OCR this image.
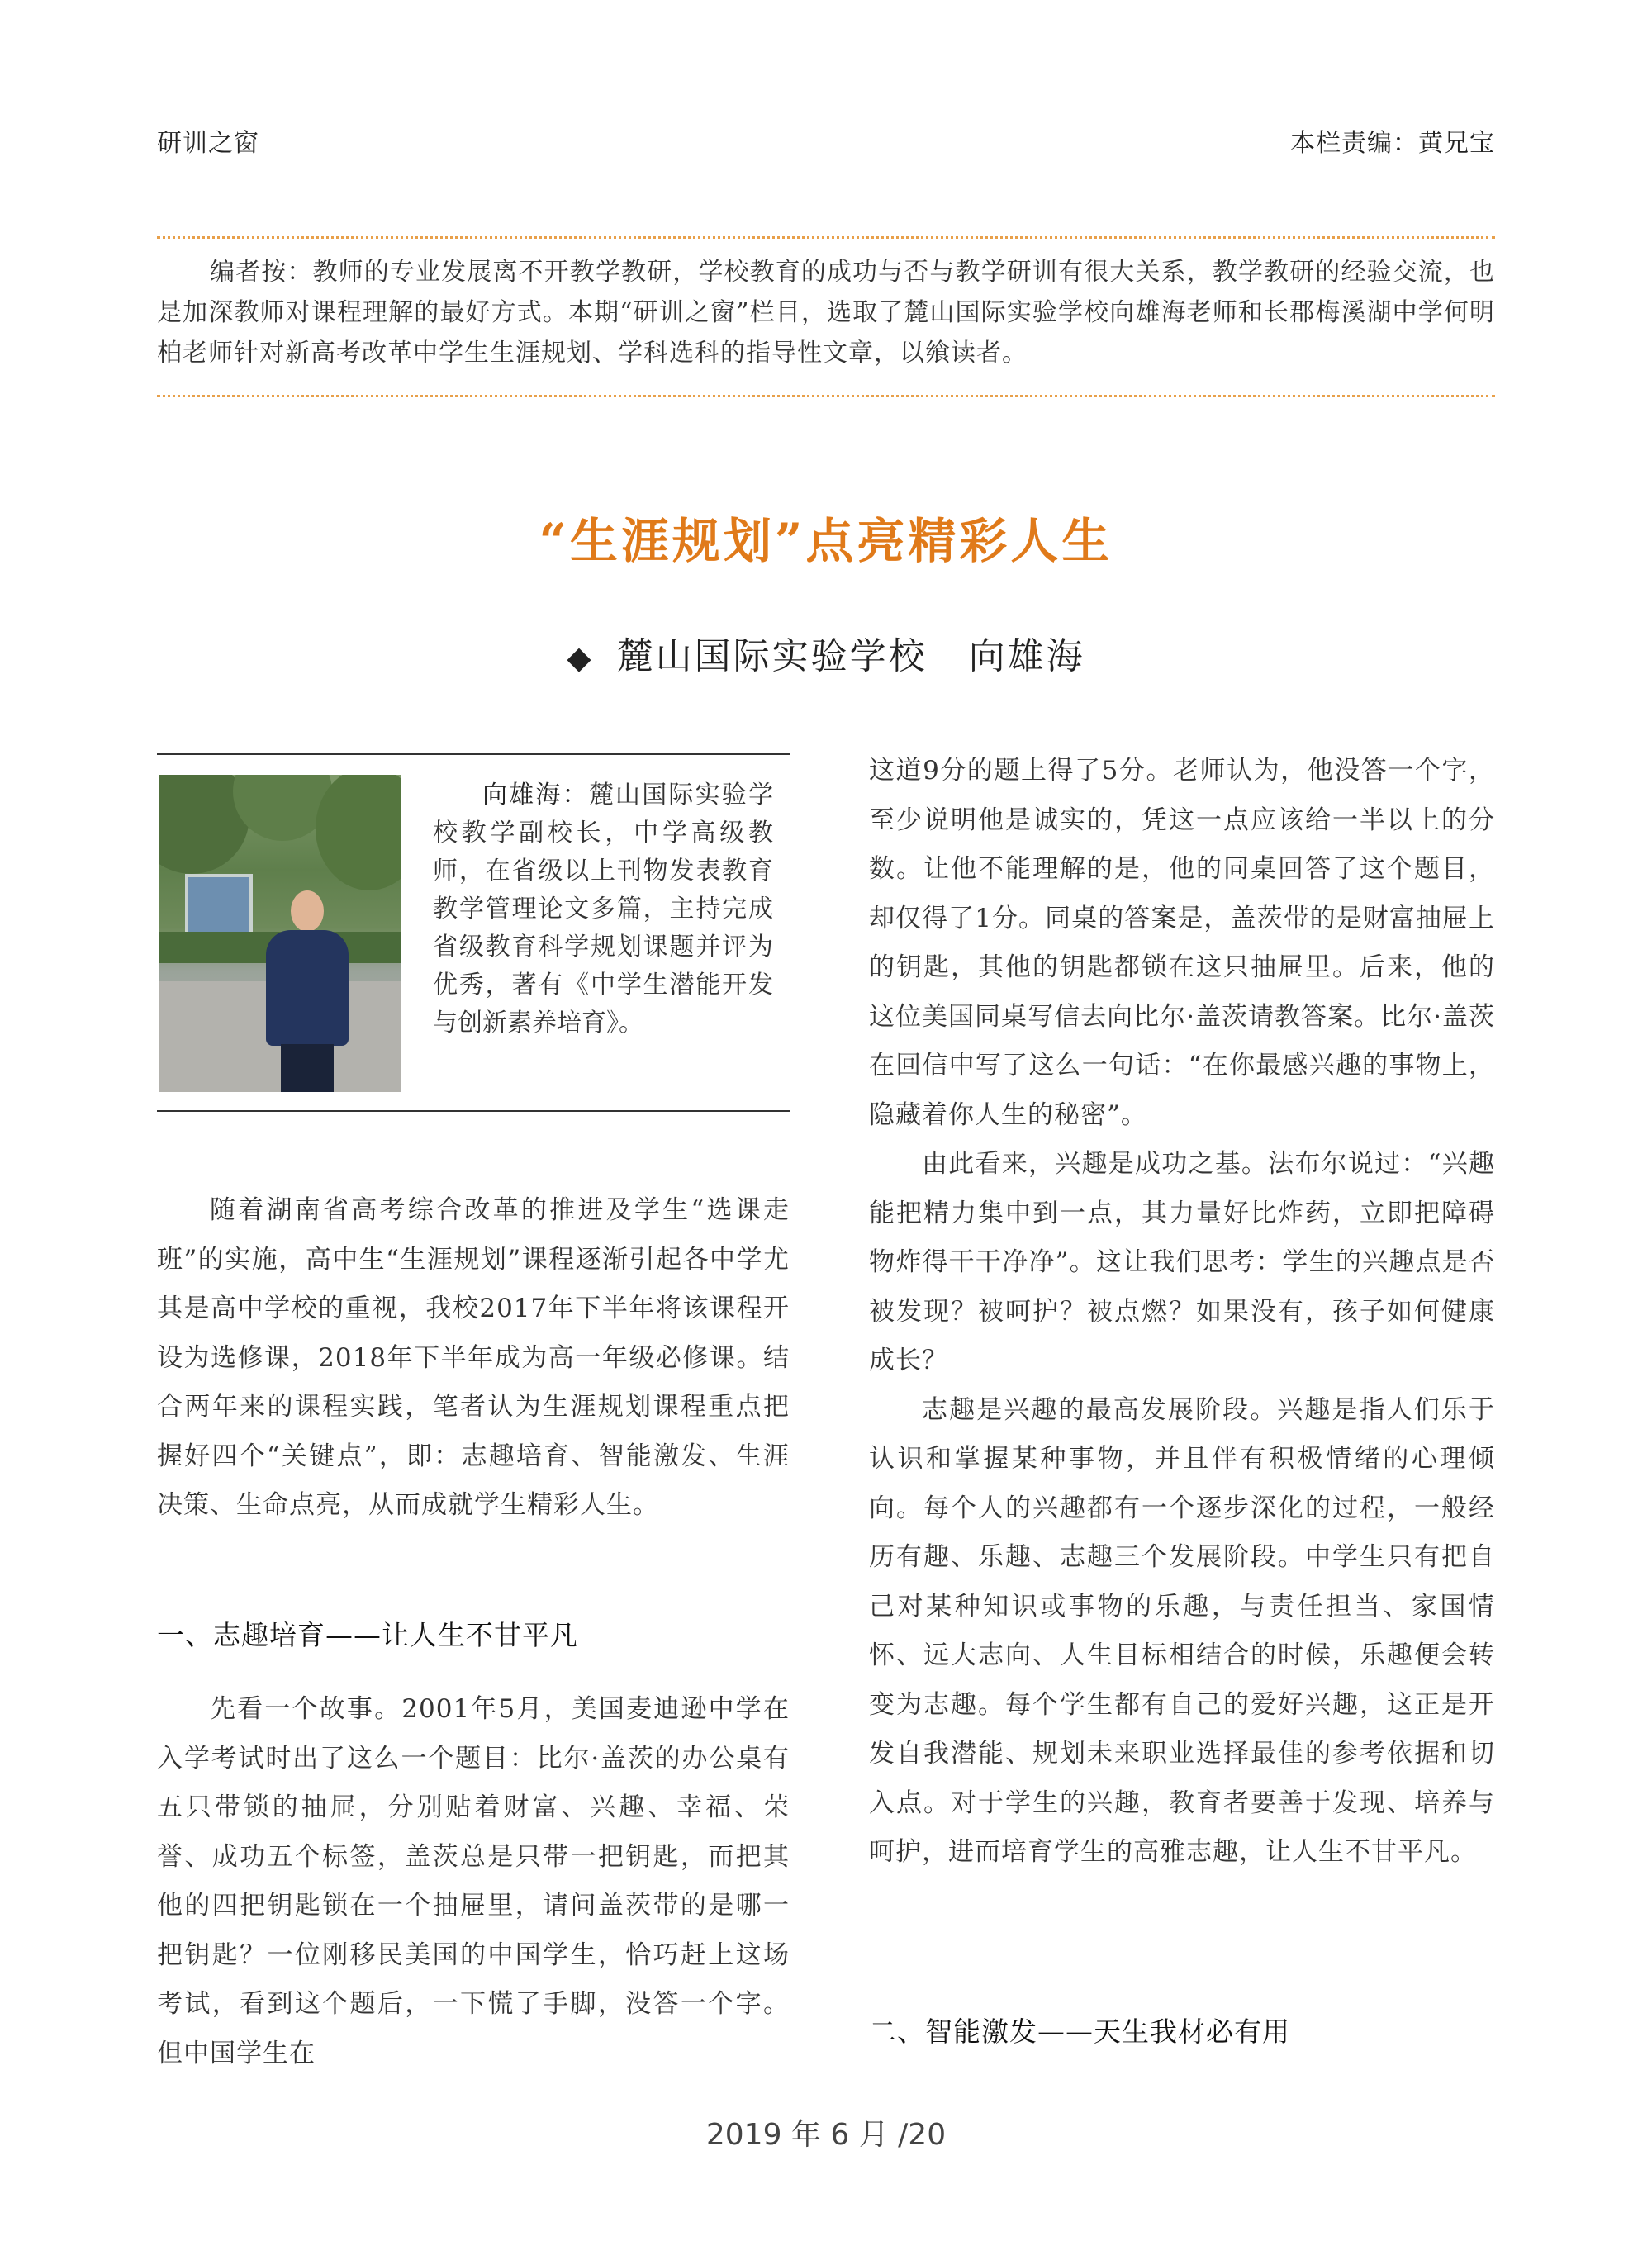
研训之窗	本栏责编：黄兄宝
编者按：教师的专业发展离不开教学教研，学校教育的成功与否与教学研训有很大关系，教学教研的经验交流，也是加深教师对课程理解的最好方式。本期“研训之窗”栏目，选取了麓山国际实验学校向雄海老师和长郡梅溪湖中学何明柏老师针对新高考改革中学生生涯规划、学科选科的指导性文章，以飨读者。
“生涯规划”点亮精彩人生
◆ 麓山国际实验学校 向雄海
向雄海：麓山国际实验学校教学副校长，中学高级教师，在省级以上刊物发表教育教学管理论文多篇，主持完成省级教育科学规划课题并评为优秀，著有《中学生潜能开发与创新素养培育》。

随着湖南省高考综合改革的推进及学生“选课走班”的实施，高中生“生涯规划”课程逐渐引起各中学尤其是高中学校的重视，我校2017年下半年将该课程开设为选修课，2018年下半年成为高一年级必修课。结合两年来的课程实践，笔者认为生涯规划课程重点把握好四个“关键点”，即：志趣培育、智能激发、生涯决策、生命点亮，从而成就学生精彩人生。

一、志趣培育——让人生不甘平凡

先看一个故事。2001年5月，美国麦迪逊中学在入学考试时出了这么一个题目：比尔·盖茨的办公桌有五只带锁的抽屉，分别贴着财富、兴趣、幸福、荣誉、成功五个标签，盖茨总是只带一把钥匙，而把其他的四把钥匙锁在一个抽屉里，请问盖茨带的是哪一把钥匙？一位刚移民美国的中国学生，恰巧赶上这场考试，看到这个题后，一下慌了手脚，没答一个字。但中国学生在

这道9分的题上得了5分。老师认为，他没答一个字，至少说明他是诚实的，凭这一点应该给一半以上的分数。让他不能理解的是，他的同桌回答了这个题目，却仅得了1分。同桌的答案是，盖茨带的是财富抽屉上的钥匙，其他的钥匙都锁在这只抽屉里。后来，他的这位美国同桌写信去向比尔·盖茨请教答案。比尔·盖茨在回信中写了这么一句话：“在你最感兴趣的事物上，隐藏着你人生的秘密”。

由此看来，兴趣是成功之基。法布尔说过：“兴趣能把精力集中到一点，其力量好比炸药，立即把障碍物炸得干干净净”。这让我们思考：学生的兴趣点是否被发现？被呵护？被点燃？如果没有，孩子如何健康成长？

志趣是兴趣的最高发展阶段。兴趣是指人们乐于认识和掌握某种事物，并且伴有积极情绪的心理倾向。每个人的兴趣都有一个逐步深化的过程，一般经历有趣、乐趣、志趣三个发展阶段。中学生只有把自己对某种知识或事物的乐趣，与责任担当、家国情怀、远大志向、人生目标相结合的时候，乐趣便会转变为志趣。每个学生都有自己的爱好兴趣，这正是开发自我潜能、规划未来职业选择最佳的参考依据和切入点。对于学生的兴趣，教育者要善于发现、培养与呵护，进而培育学生的高雅志趣，让人生不甘平凡。

二、智能激发——天生我材必有用
2019 年 6 月 /20
